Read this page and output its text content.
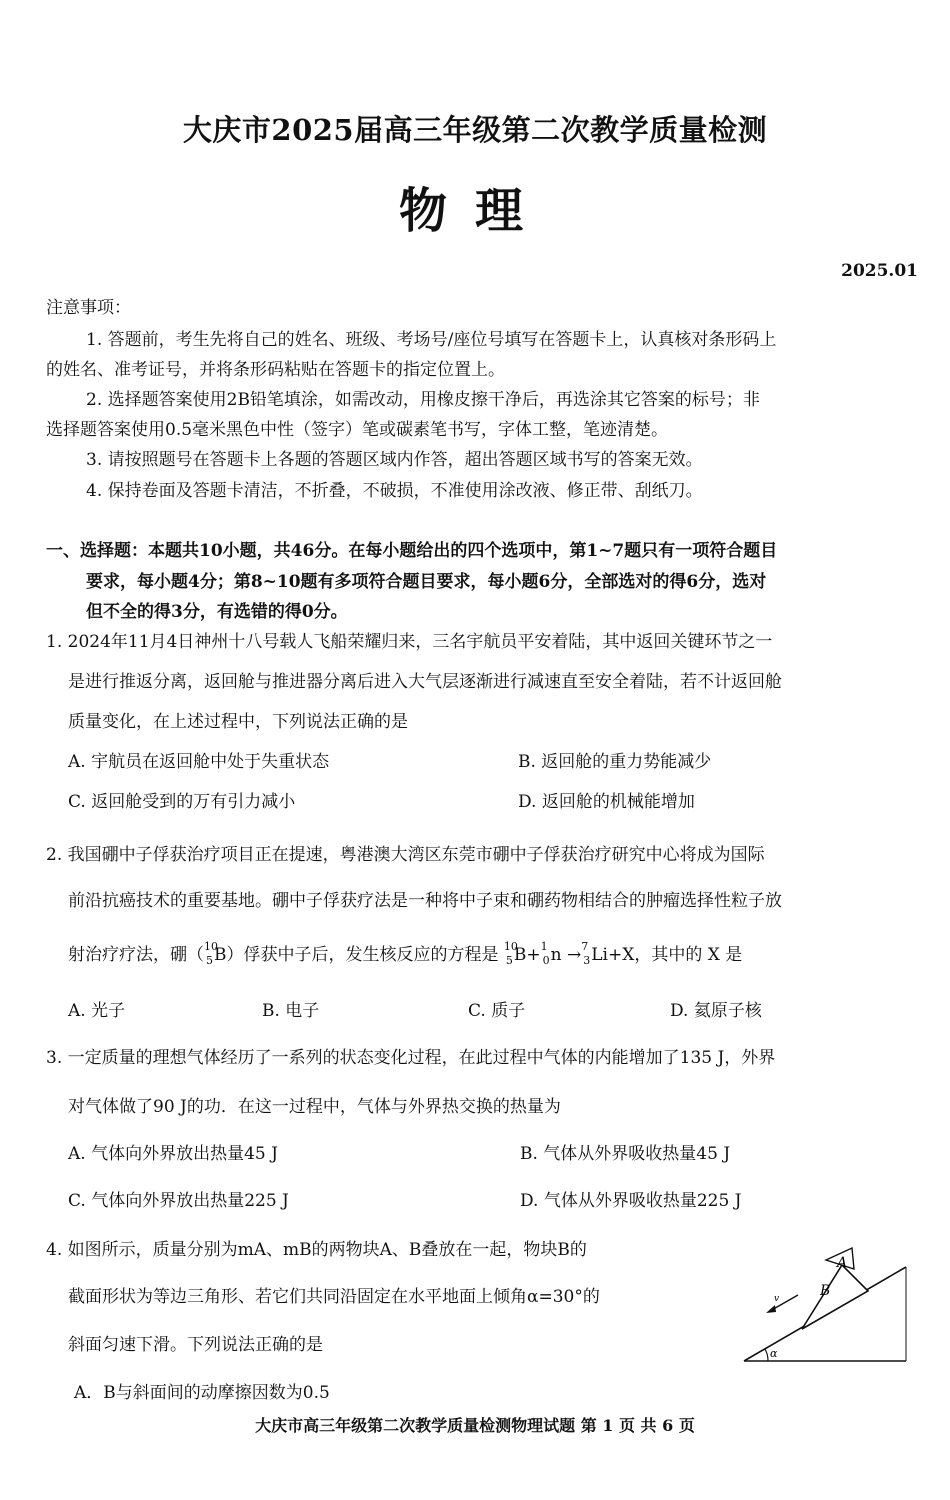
大庆市2025届高三年级第二次教学质量检测
物理
2025.01
注意事项：
1. 答题前，考生先将自己的姓名、班级、考场号/座位号填写在答题卡上，认真核对条形码上
的姓名、准考证号，并将条形码粘贴在答题卡的指定位置上。
2. 选择题答案使用2B铅笔填涂，如需改动，用橡皮擦干净后，再选涂其它答案的标号；非
选择题答案使用0.5毫米黑色中性（签字）笔或碳素笔书写，字体工整，笔迹清楚。
3. 请按照题号在答题卡上各题的答题区域内作答，超出答题区域书写的答案无效。
4. 保持卷面及答题卡清洁，不折叠，不破损，不准使用涂改液、修正带、刮纸刀。
一、选择题：本题共10小题，共46分。在每小题给出的四个选项中，第1~7题只有一项符合题目
要求，每小题4分；第8~10题有多项符合题目要求，每小题6分，全部选对的得6分，选对
但不全的得3分，有选错的得0分。
1. 2024年11月4日神州十八号载人飞船荣耀归来，三名宇航员平安着陆，其中返回关键环节之一
是进行推返分离，返回舱与推进器分离后进入大气层逐渐进行减速直至安全着陆，若不计返回舱
质量变化，在上述过程中，下列说法正确的是
A. 宇航员在返回舱中处于失重状态	B. 返回舱的重力势能减少
C. 返回舱受到的万有引力减小	D. 返回舱的机械能增加
2. 我国硼中子俘获治疗项目正在提速，粤港澳大湾区东莞市硼中子俘获治疗研究中心将成为国际
前沿抗癌技术的重要基地。硼中子俘获疗法是一种将中子束和硼药物相结合的肿瘤选择性粒子放
射治疗疗法，硼（ 10
5 B）俘获中子后，发生核反应的方程是 10
5 B+ 1
0 n → 7
3 Li+X，其中的 X 是
A. 光子	B. 电子	C. 质子	D. 氦原子核
3. 一定质量的理想气体经历了一系列的状态变化过程，在此过程中气体的内能增加了135 J，外界
对气体做了90 J的功．在这一过程中，气体与外界热交换的热量为
A. 气体向外界放出热量45 J	B. 气体从外界吸收热量45 J
C. 气体向外界放出热量225 J	D. 气体从外界吸收热量225 J
4. 如图所示，质量分别为mA、mB的两物块A、B叠放在一起，物块B的
截面形状为等边三角形、若它们共同沿固定在水平地面上倾角α=30°的
斜面匀速下滑。下列说法正确的是
A．B与斜面间的动摩擦因数为0.5
α
A
B
v
大庆市高三年级第二次教学质量检测物理试题 第 1 页 共 6 页
